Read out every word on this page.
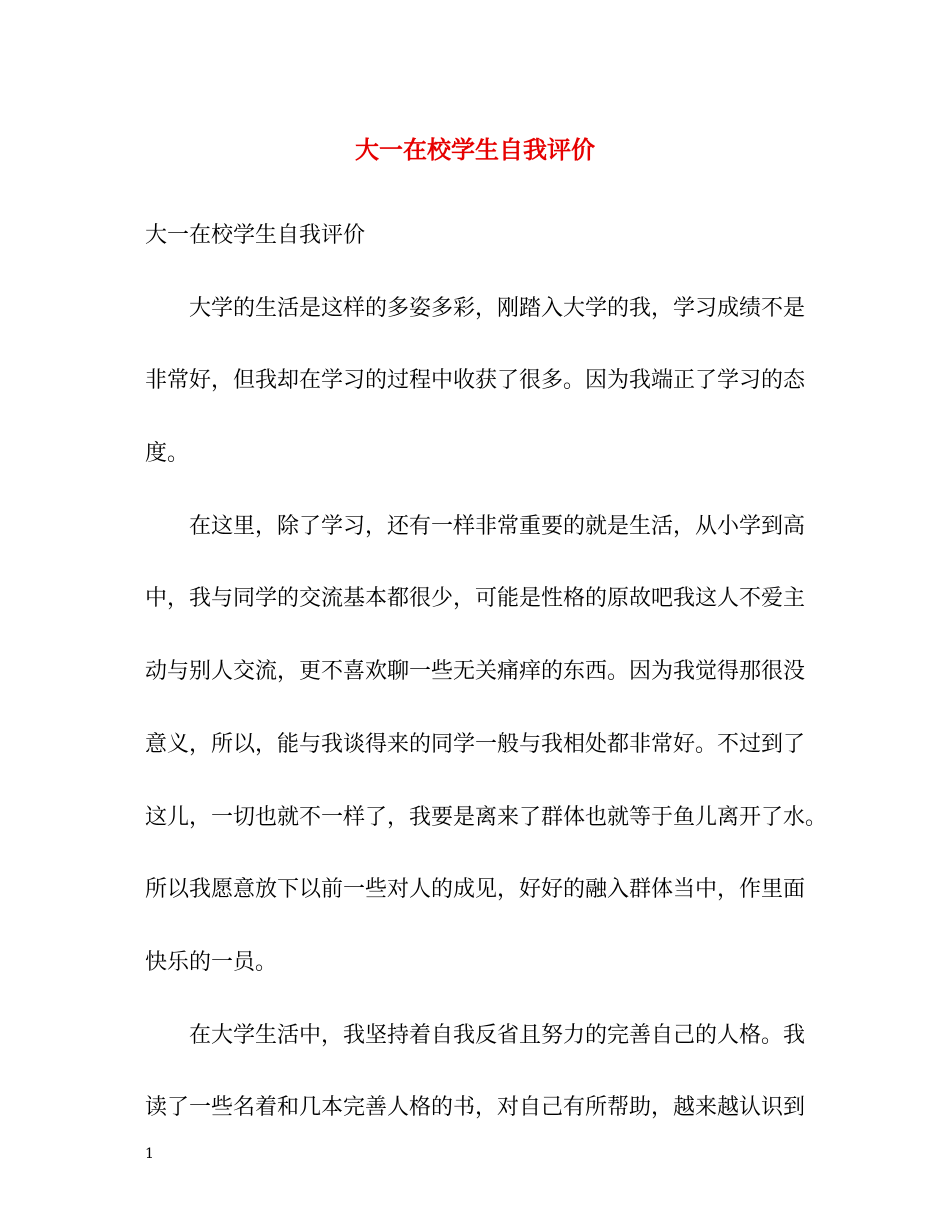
大一在校学生自我评价

大一在校学生自我评价

大学的生活是这样的多姿多彩，刚踏入大学的我，学习成绩不是

非常好，但我却在学习的过程中收获了很多。因为我端正了学习的态

度。

在这里，除了学习，还有一样非常重要的就是生活，从小学到高

中，我与同学的交流基本都很少，可能是性格的原故吧我这人不爱主

动与别人交流，更不喜欢聊一些无关痛痒的东西。因为我觉得那很没

意义，所以，能与我谈得来的同学一般与我相处都非常好。不过到了

这儿，一切也就不一样了，我要是离来了群体也就等于鱼儿离开了水。

所以我愿意放下以前一些对人的成见，好好的融入群体当中，作里面

快乐的一员。

在大学生活中，我坚持着自我反省且努力的完善自己的人格。我

读了一些名着和几本完善人格的书，对自己有所帮助，越来越认识到

1
